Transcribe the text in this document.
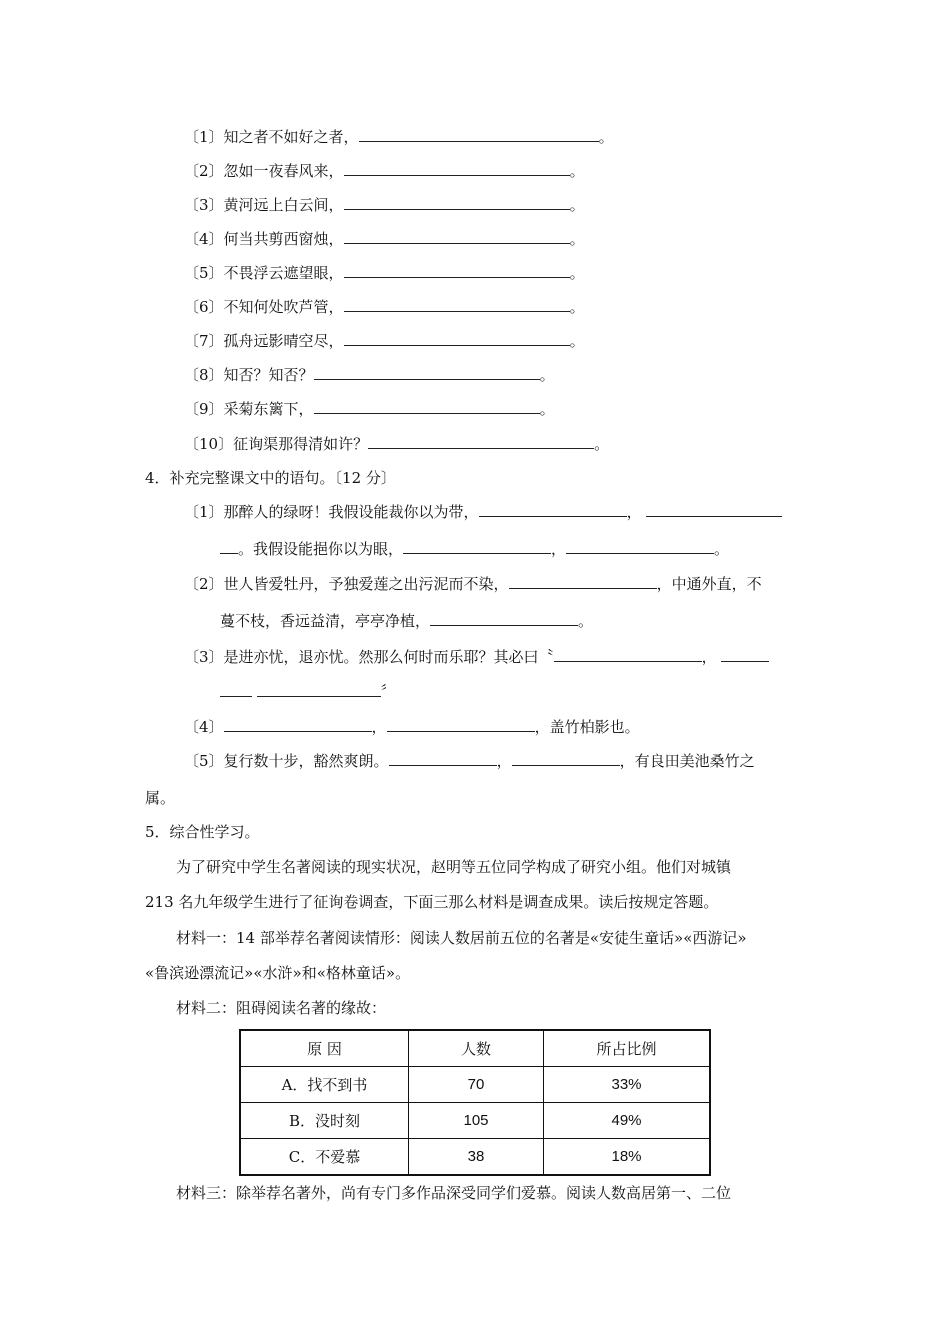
〔1〕知之者不如好之者，	。
〔2〕忽如一夜春风来，	。
〔3〕黄河远上白云间，	。
〔4〕何当共剪西窗烛，	。
〔5〕不畏浮云遮望眼，	。
〔6〕不知何处吹芦管，	。
〔7〕孤舟远影晴空尽，	。
〔8〕知否？知否？	。
〔9〕采菊东篱下，	。
〔10〕征询渠那得清如许？	。
4．补充完整课文中的语句。〔12 分〕
〔1〕那醉人的绿呀！我假设能裁你以为带，	，
。我假设能挹你以为眼，	，	。
〔2〕世人皆爱牡丹，予独爱莲之出污泥而不染，	，中通外直，不
蔓不枝，香远益清，亭亭净植，	。
〔3〕是进亦忧，退亦忧。然那么何时而乐耶？其必曰〝	，
〞
〔4〕	，	，盖竹柏影也。
〔5〕复行数十步，豁然爽朗。	，	，有良田美池桑竹之
属。
5．综合性学习。
为了研究中学生名著阅读的现实状况，赵明等五位同学构成了研究小组。他们对城镇
213 名九年级学生进行了征询卷调查，下面三那么材料是调查成果。读后按规定答题。
材料一：14 部举荐名著阅读情形：阅读人数居前五位的名著是«安徒生童话»«西游记»
«鲁滨逊漂流记»«水浒»和«格林童话»。
材料二：阻碍阅读名著的缘故：
原 因	人数	所占比例
A．找不到书	70	33%
B．没时刻	105	49%
C．不爱慕	38	18%
材料三：除举荐名著外，尚有专门多作品深受同学们爱慕。阅读人数高居第一、二位
